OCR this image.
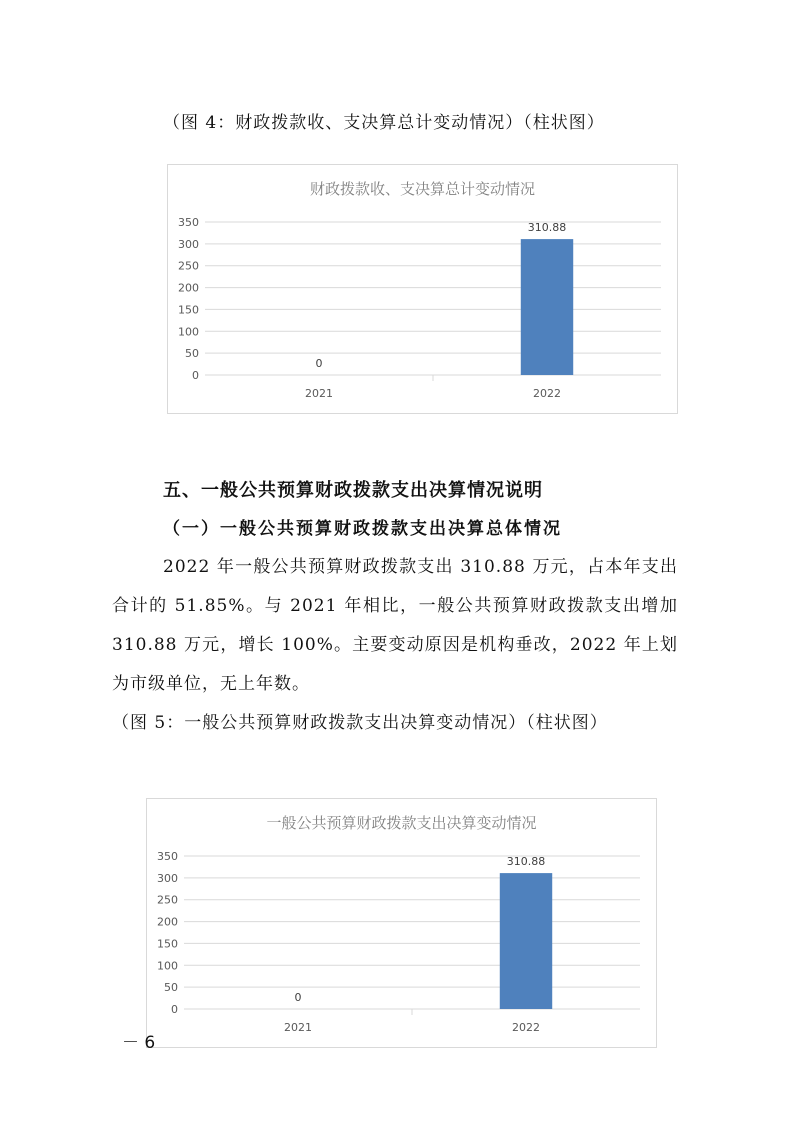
（图 4：财政拨款收、支决算总计变动情况）（柱状图）
财政拨款收、支决算总计变动情况
0
50
100
150
200
250
300
350
0
2021
310.88
2022
五、一般公共预算财政拨款支出决算情况说明
（一）一般公共预算财政拨款支出决算总体情况
2022 年一般公共预算财政拨款支出 310.88 万元，占本年支出合计的 51.85%。与 2021 年相比，一般公共预算财政拨款支出增加 310.88 万元，增长 100%。主要变动原因是机构垂改，2022 年上划为市级单位，无上年数。
（图 5：一般公共预算财政拨款支出决算变动情况）（柱状图）
一般公共预算财政拨款支出决算变动情况
0
50
100
150
200
250
300
350
0
2021
310.88
2022
－ 6
